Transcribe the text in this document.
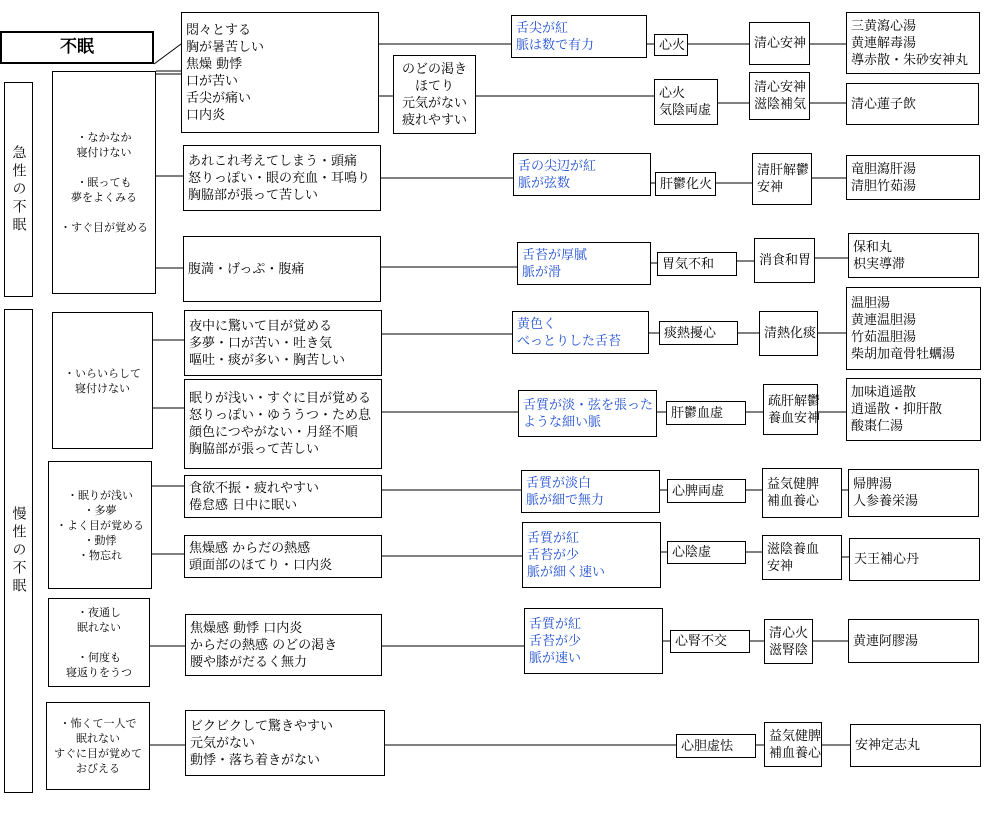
不眠
急性の不眠
慢性の不眠
・なかなか
寝付けない

・眠っても
夢をよくみる

・すぐ目が覚める
・いらいらして
寝付けない
・眠りが浅い
・多夢
・よく目が覚める
・動悸
・物忘れ
・夜通し
眠れない

・何度も
寝返りをうつ
・怖くて一人で
眠れない
すぐに目が覚めて
おびえる
悶々とする
胸が暑苦しい
焦燥 動悸
口が苦い
舌尖が痛い
口内炎
のどの渇き
ほてり
元気がない
疲れやすい
あれこれ考えてしまう・頭痛
怒りっぽい・眼の充血・耳鳴り
胸脇部が張って苦しい
腹満・げっぷ・腹痛
夜中に驚いて目が覚める
多夢・口が苦い・吐き気
嘔吐・痰が多い・胸苦しい
眠りが浅い・すぐに目が覚める
怒りっぽい・ゆううつ・ため息
顔色につやがない・月経不順
胸脇部が張って苦しい
食欲不振・疲れやすい
倦怠感 日中に眠い
焦燥感 からだの熱感
頭面部のほてり・口内炎
焦燥感 動悸 口内炎
からだの熱感 のどの渇き
腰や膝がだるく無力
ビクビクして驚きやすい
元気がない
動悸・落ち着きがない
舌尖が紅
脈は数で有力
舌の尖辺が紅
脈が弦数
舌苔が厚膩
脈が滑
黄色く
べっとりした舌苔
舌質が淡・弦を張った
ような細い脈
舌質が淡白
脈が細で無力
舌質が紅
舌苔が少
脈が細く速い
舌質が紅
舌苔が少
脈が速い
心火
心火
気陰両虚
肝鬱化火
胃気不和
痰熱擾心
肝鬱血虚
心脾両虚
心陰虚
心腎不交
心胆虚怯
清心安神
清心安神
滋陰補気
清肝解鬱
安神
消食和胃
清熱化痰
疏肝解鬱
養血安神
益気健脾
補血養心
滋陰養血
安神
清心火
滋腎陰
益気健脾
補血養心
三黄瀉心湯
黄連解毒湯
導赤散・朱砂安神丸
清心蓮子飲
竜胆瀉肝湯
清胆竹茹湯
保和丸
枳実導滞
温胆湯
黄連温胆湯
竹茹温胆湯
柴胡加竜骨牡蠣湯
加味逍遥散
逍遥散・抑肝散
酸棗仁湯
帰脾湯
人参養栄湯
天王補心丹
黄連阿膠湯
安神定志丸
